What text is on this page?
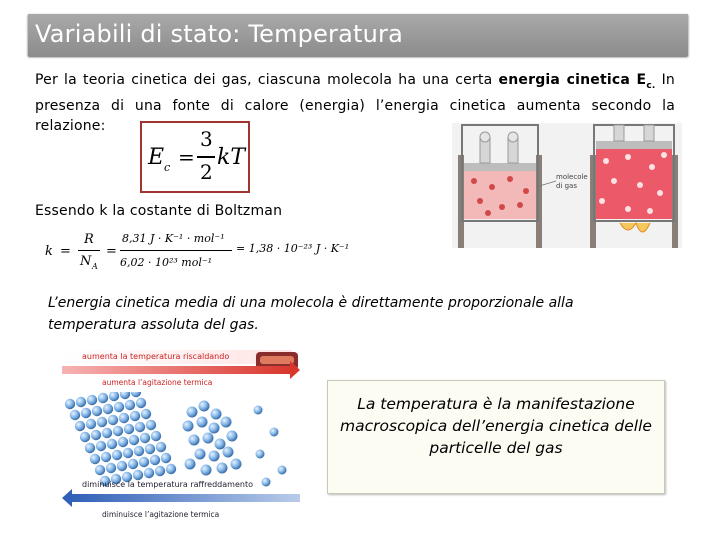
Variabili di stato: Temperatura
Per la teoria cinetica dei gas, ciascuna molecola ha una certa energia cinetica $E_{c.}$ In presenza di una fonte di calore (energia) l’energia cinetica aumenta secondo la relazione:
E c =
3
2
kT
molecole
di gas
Essendo k la costante di Boltzman
k =
R
N A
=
8,31 J · K⁻¹ · mol⁻¹
6,02 · 10²³ mol⁻¹
= 1,38 · 10⁻²³ J · K⁻¹
L’energia cinetica media di una molecola è direttamente proporzionale alla temperatura assoluta del gas.
aumenta la temperatura riscaldando
aumenta l’agitazione termica
diminuisce la temperatura raffreddamento
diminuisce l’agitazione termica

La temperatura è la manifestazione macroscopica dell’energia cinetica delle particelle del gas
